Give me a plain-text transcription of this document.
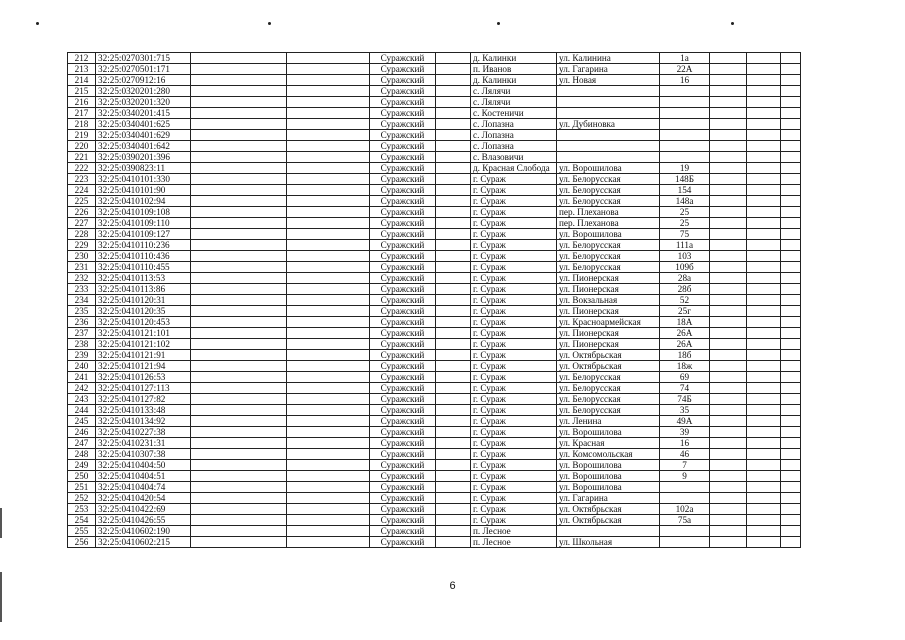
212	32:25:0270301:715			Суражский		д. Калинки	ул. Калинина	1а			
213	32:25:0270501:171			Суражский		п. Иванов	ул. Гагарина	22А			
214	32:25:0270912:16			Суражский		д. Калинки	ул. Новая	16			
215	32:25:0320201:280			Суражский		с. Лялячи					
216	32:25:0320201:320			Суражский		с. Лялячи					
217	32:25:0340201:415			Суражский		с. Костеничи					
218	32:25:0340401:625			Суражский		с. Лопазна	ул. Дубиновка				
219	32:25:0340401:629			Суражский		с. Лопазна					
220	32:25:0340401:642			Суражский		с. Лопазна					
221	32:25:0390201:396			Суражский		с. Влазовичи					
222	32:25:0390823:11			Суражский		д. Красная Слобода	ул. Ворошилова	19			
223	32:25:0410101:330			Суражский		г. Сураж	ул. Белорусская	148Б			
224	32:25:0410101:90			Суражский		г. Сураж	ул. Белорусская	154			
225	32:25:0410102:94			Суражский		г. Сураж	ул. Белорусская	148а			
226	32:25:0410109:108			Суражский		г. Сураж	пер. Плеханова	25			
227	32:25:0410109:110			Суражский		г. Сураж	пер. Плеханова	25			
228	32:25:0410109:127			Суражский		г. Сураж	ул. Ворошилова	75			
229	32:25:0410110:236			Суражский		г. Сураж	ул. Белорусская	111а			
230	32:25:0410110:436			Суражский		г. Сураж	ул. Белорусская	103			
231	32:25:0410110:455			Суражский		г. Сураж	ул. Белорусская	109б			
232	32:25:0410113:53			Суражский		г. Сураж	ул. Пионерская	28а			
233	32:25:0410113:86			Суражский		г. Сураж	ул. Пионерская	28б			
234	32:25:0410120:31			Суражский		г. Сураж	ул. Вокзальная	52			
235	32:25:0410120:35			Суражский		г. Сураж	ул. Пионерская	25г			
236	32:25:0410120:453			Суражский		г. Сураж	ул. Красноармейская	18А			
237	32:25:0410121:101			Суражский		г. Сураж	ул. Пионерская	26А			
238	32:25:0410121:102			Суражский		г. Сураж	ул. Пионерская	26А			
239	32:25:0410121:91			Суражский		г. Сураж	ул. Октябрьская	18б			
240	32:25:0410121:94			Суражский		г. Сураж	ул. Октябрьская	18ж			
241	32:25:0410126:53			Суражский		г. Сураж	ул. Белорусская	69			
242	32:25:0410127:113			Суражский		г. Сураж	ул. Белорусская	74			
243	32:25:0410127:82			Суражский		г. Сураж	ул. Белорусская	74Б			
244	32:25:0410133:48			Суражский		г. Сураж	ул. Белорусская	35			
245	32:25:0410134:92			Суражский		г. Сураж	ул. Ленина	49А			
246	32:25:0410227:38			Суражский		г. Сураж	ул. Ворошилова	39			
247	32:25:0410231:31			Суражский		г. Сураж	ул. Красная	16			
248	32:25:0410307:38			Суражский		г. Сураж	ул. Комсомольская	46			
249	32:25:0410404:50			Суражский		г. Сураж	ул. Ворошилова	7			
250	32:25:0410404:51			Суражский		г. Сураж	ул. Ворошилова	9			
251	32:25:0410404:74			Суражский		г. Сураж	ул. Ворошилова				
252	32:25:0410420:54			Суражский		г. Сураж	ул. Гагарина				
253	32:25:0410422:69			Суражский		г. Сураж	ул. Октябрьская	102а			
254	32:25:0410426:55			Суражский		г. Сураж	ул. Октябрьская	75а			
255	32:25:0410602:190			Суражский		п. Лесное					
256	32:25:0410602:215			Суражский		п. Лесное	ул. Школьная				
6
